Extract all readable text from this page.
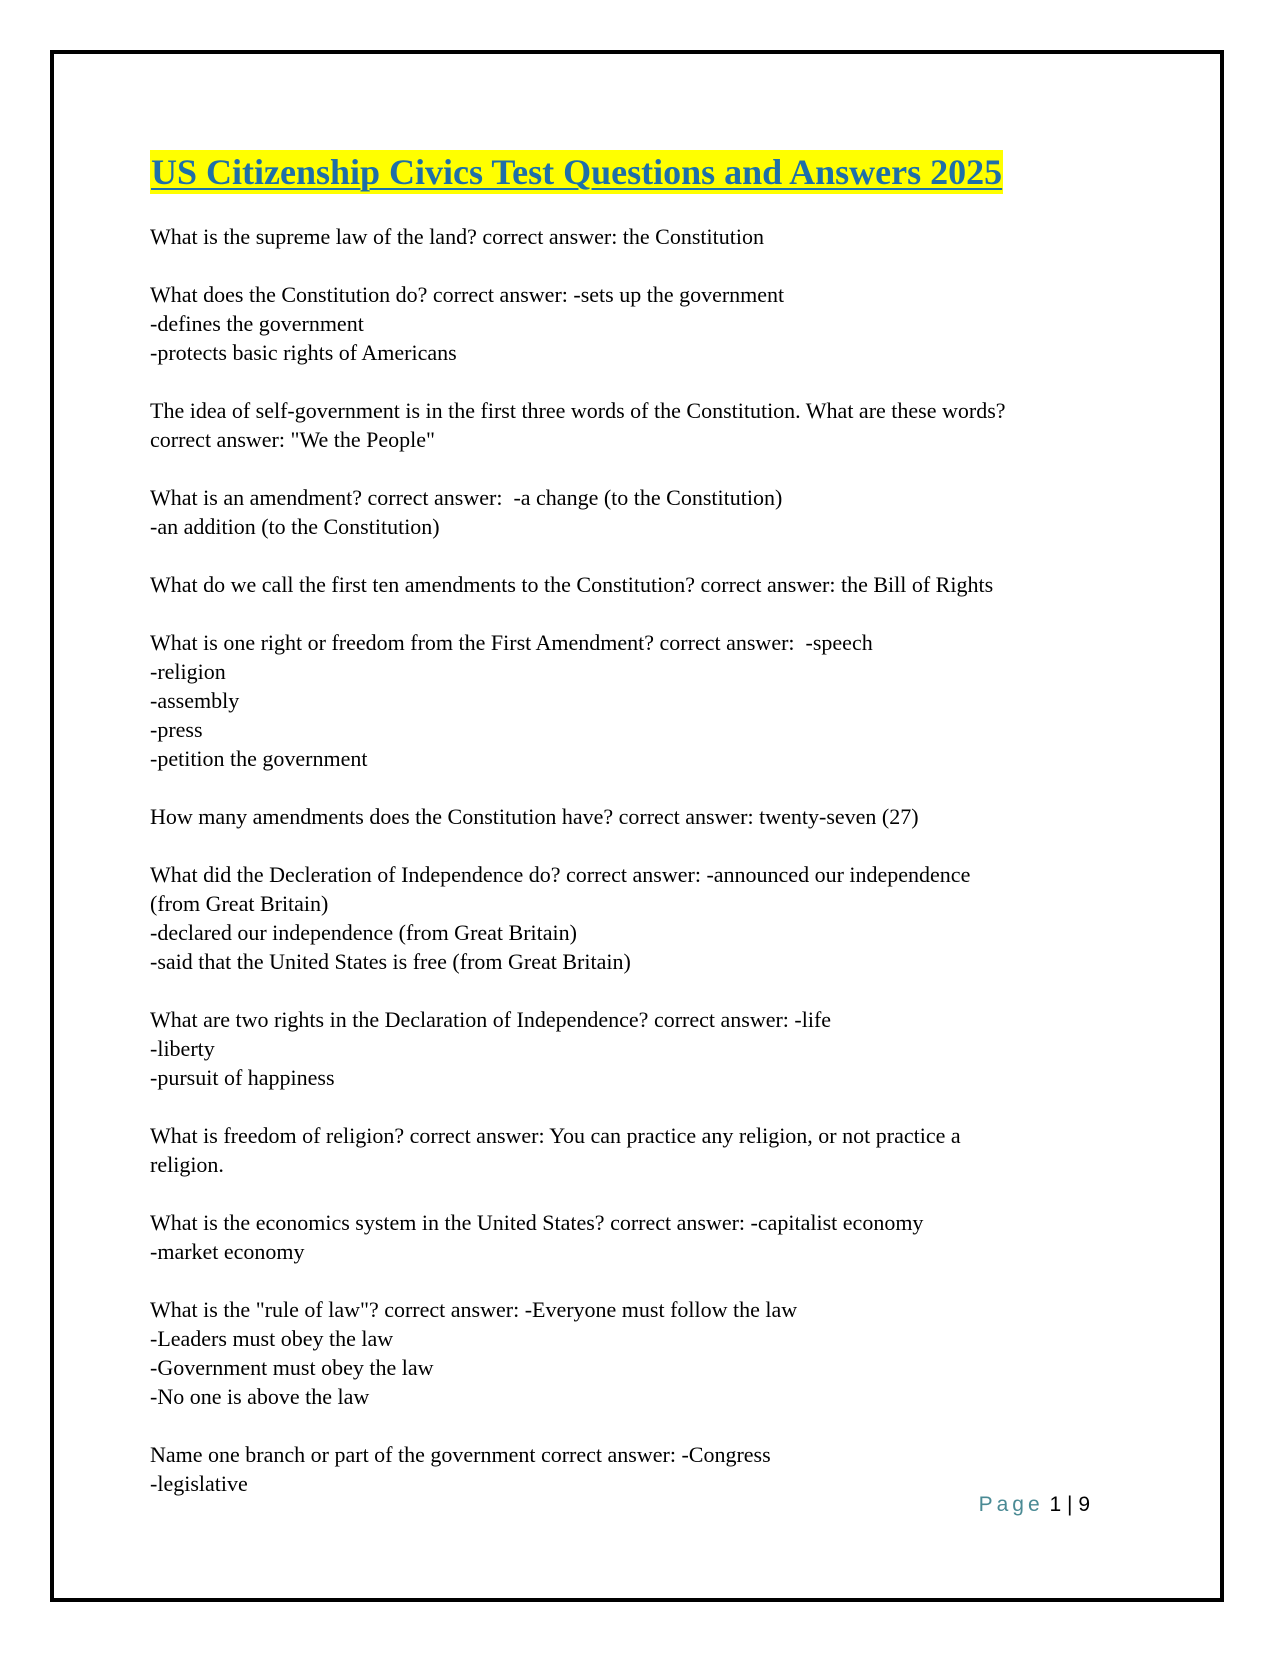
US Citizenship Civics Test Questions and Answers 2025
What is the supreme law of the land? correct answer: the Constitution
What does the Constitution do? correct answer: -sets up the government
-defines the government
-protects basic rights of Americans
The idea of self-government is in the first three words of the Constitution. What are these words?
correct answer: "We the People"
What is an amendment? correct answer:  -a change (to the Constitution)
-an addition (to the Constitution)
What do we call the first ten amendments to the Constitution? correct answer: the Bill of Rights
What is one right or freedom from the First Amendment? correct answer:  -speech
-religion
-assembly
-press
-petition the government
How many amendments does the Constitution have? correct answer: twenty-seven (27)
What did the Decleration of Independence do? correct answer: -announced our independence
(from Great Britain)
-declared our independence (from Great Britain)
-said that the United States is free (from Great Britain)
What are two rights in the Declaration of Independence? correct answer: -life
-liberty
-pursuit of happiness
What is freedom of religion? correct answer: You can practice any religion, or not practice a
religion.
What is the economics system in the United States? correct answer: -capitalist economy
-market economy
What is the "rule of law"? correct answer: -Everyone must follow the law
-Leaders must obey the law
-Government must obey the law
-No one is above the law
Name one branch or part of the government correct answer: -Congress
-legislative
Page 1 | 9
